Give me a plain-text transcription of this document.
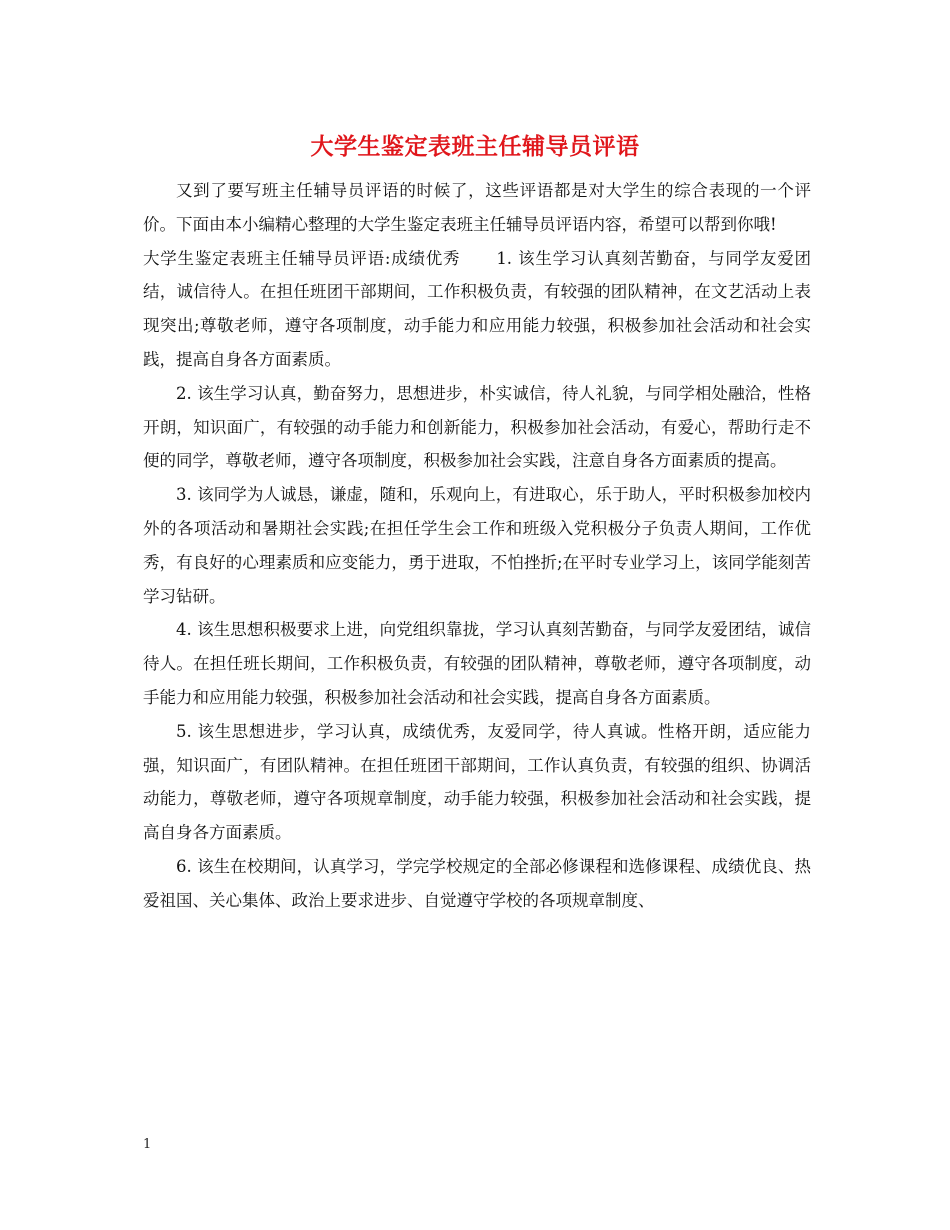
大学生鉴定表班主任辅导员评语

又到了要写班主任辅导员评语的时候了，这些评语都是对大学生的综合表现的一个评价。下面由本小编精心整理的大学生鉴定表班主任辅导员评语内容，希望可以帮到你哦!

大学生鉴定表班主任辅导员评语:成绩优秀 1. 该生学习认真刻苦勤奋，与同学友爱团结，诚信待人。在担任班团干部期间，工作积极负责，有较强的团队精神，在文艺活动上表现突出;尊敬老师，遵守各项制度，动手能力和应用能力较强，积极参加社会活动和社会实践，提高自身各方面素质。

2. 该生学习认真，勤奋努力，思想进步，朴实诚信，待人礼貌，与同学相处融洽，性格开朗，知识面广，有较强的动手能力和创新能力，积极参加社会活动，有爱心，帮助行走不便的同学，尊敬老师，遵守各项制度，积极参加社会实践，注意自身各方面素质的提高。

3. 该同学为人诚恳，谦虚，随和，乐观向上，有进取心，乐于助人，平时积极参加校内外的各项活动和暑期社会实践;在担任学生会工作和班级入党积极分子负责人期间，工作优秀，有良好的心理素质和应变能力，勇于进取，不怕挫折;在平时专业学习上，该同学能刻苦学习钻研。

4. 该生思想积极要求上进，向党组织靠拢，学习认真刻苦勤奋，与同学友爱团结，诚信待人。在担任班长期间，工作积极负责，有较强的团队精神，尊敬老师，遵守各项制度，动手能力和应用能力较强，积极参加社会活动和社会实践，提高自身各方面素质。

5. 该生思想进步，学习认真，成绩优秀，友爱同学，待人真诚。性格开朗，适应能力强，知识面广，有团队精神。在担任班团干部期间，工作认真负责，有较强的组织、协调活动能力，尊敬老师，遵守各项规章制度，动手能力较强，积极参加社会活动和社会实践，提高自身各方面素质。

6. 该生在校期间，认真学习，学完学校规定的全部必修课程和选修课程、成绩优良、热爱祖国、关心集体、政治上要求进步、自觉遵守学校的各项规章制度、

1
